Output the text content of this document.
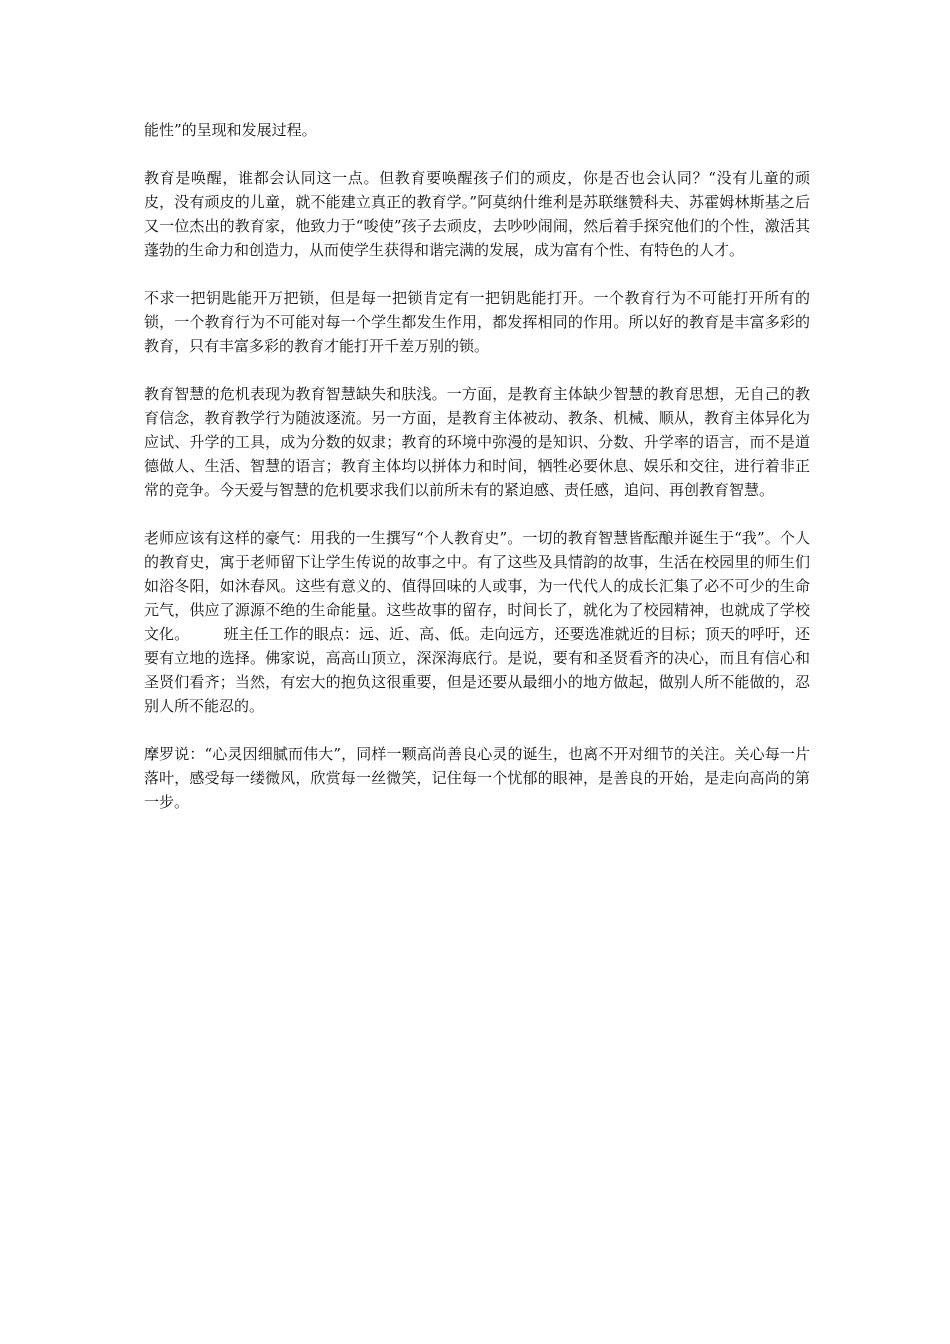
能性”的呈现和发展过程。

教育是唤醒，谁都会认同这一点。但教育要唤醒孩子们的顽皮，你是否也会认同？“没有儿童的顽皮，没有顽皮的儿童，就不能建立真正的教育学。”阿莫纳什维利是苏联继赞科夫、苏霍姆林斯基之后又一位杰出的教育家，他致力于“唆使”孩子去顽皮，去吵吵闹闹，然后着手探究他们的个性，激活其蓬勃的生命力和创造力，从而使学生获得和谐完满的发展，成为富有个性、有特色的人才。

不求一把钥匙能开万把锁，但是每一把锁肯定有一把钥匙能打开。一个教育行为不可能打开所有的锁，一个教育行为不可能对每一个学生都发生作用，都发挥相同的作用。所以好的教育是丰富多彩的教育，只有丰富多彩的教育才能打开千差万别的锁。

教育智慧的危机表现为教育智慧缺失和肤浅。一方面，是教育主体缺少智慧的教育思想，无自己的教育信念，教育教学行为随波逐流。另一方面，是教育主体被动、教条、机械、顺从，教育主体异化为应试、升学的工具，成为分数的奴隶；教育的环境中弥漫的是知识、分数、升学率的语言，而不是道德做人、生活、智慧的语言；教育主体均以拼体力和时间，牺牲必要休息、娱乐和交往，进行着非正常的竞争。今天爱与智慧的危机要求我们以前所未有的紧迫感、责任感，追问、再创教育智慧。

老师应该有这样的豪气：用我的一生撰写“个人教育史”。一切的教育智慧皆酝酿并诞生于“我”。个人的教育史，寓于老师留下让学生传说的故事之中。有了这些及具情韵的故事，生活在校园里的师生们如浴冬阳，如沐春风。这些有意义的、值得回味的人或事，为一代代人的成长汇集了必不可少的生命元气，供应了源源不绝的生命能量。这些故事的留存，时间长了，就化为了校园精神，也就成了学校文化。 班主任工作的眼点：远、近、高、低。走向远方，还要选准就近的目标；顶天的呼吁，还要有立地的选择。佛家说，高高山顶立，深深海底行。是说，要有和圣贤看齐的决心，而且有信心和圣贤们看齐；当然，有宏大的抱负这很重要，但是还要从最细小的地方做起，做别人所不能做的，忍别人所不能忍的。

摩罗说：“心灵因细腻而伟大”，同样一颗高尚善良心灵的诞生，也离不开对细节的关注。关心每一片落叶，感受每一缕微风，欣赏每一丝微笑，记住每一个忧郁的眼神，是善良的开始，是走向高尚的第一步。
